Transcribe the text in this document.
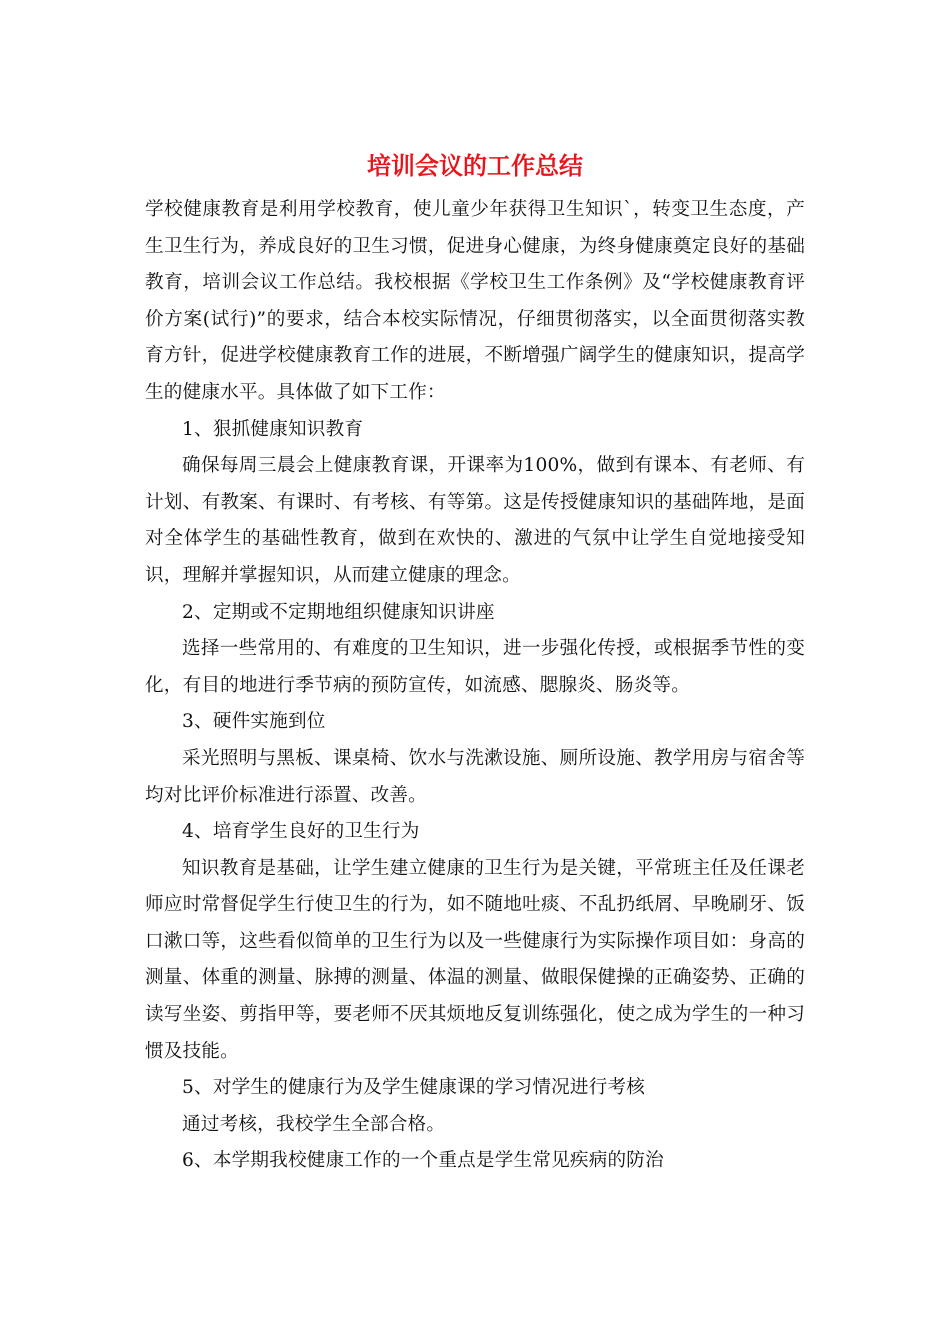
培训会议的工作总结

学校健康教育是利用学校教育，使儿童少年获得卫生知识`，转变卫生态度，产生卫生行为，养成良好的卫生习惯，促进身心健康，为终身健康奠定良好的基础教育，培训会议工作总结。我校根据《学校卫生工作条例》及“学校健康教育评价方案(试行)”的要求，结合本校实际情况，仔细贯彻落实，以全面贯彻落实教育方针，促进学校健康教育工作的进展，不断增强广阔学生的健康知识，提高学生的健康水平。具体做了如下工作：

1、狠抓健康知识教育

确保每周三晨会上健康教育课，开课率为100%，做到有课本、有老师、有计划、有教案、有课时、有考核、有等第。这是传授健康知识的基础阵地，是面对全体学生的基础性教育，做到在欢快的、激进的气氛中让学生自觉地接受知识，理解并掌握知识，从而建立健康的理念。

2、定期或不定期地组织健康知识讲座

选择一些常用的、有难度的卫生知识，进一步强化传授，或根据季节性的变化，有目的地进行季节病的预防宣传，如流感、腮腺炎、肠炎等。

3、硬件实施到位

采光照明与黑板、课桌椅、饮水与洗漱设施、厕所设施、教学用房与宿舍等均对比评价标准进行添置、改善。

4、培育学生良好的卫生行为

知识教育是基础，让学生建立健康的卫生行为是关键，平常班主任及任课老师应时常督促学生行使卫生的行为，如不随地吐痰、不乱扔纸屑、早晚刷牙、饭口漱口等，这些看似简单的卫生行为以及一些健康行为实际操作项目如：身高的测量、体重的测量、脉搏的测量、体温的测量、做眼保健操的正确姿势、正确的读写坐姿、剪指甲等，要老师不厌其烦地反复训练强化，使之成为学生的一种习惯及技能。

5、对学生的健康行为及学生健康课的学习情况进行考核

通过考核，我校学生全部合格。

6、本学期我校健康工作的一个重点是学生常见疾病的防治
